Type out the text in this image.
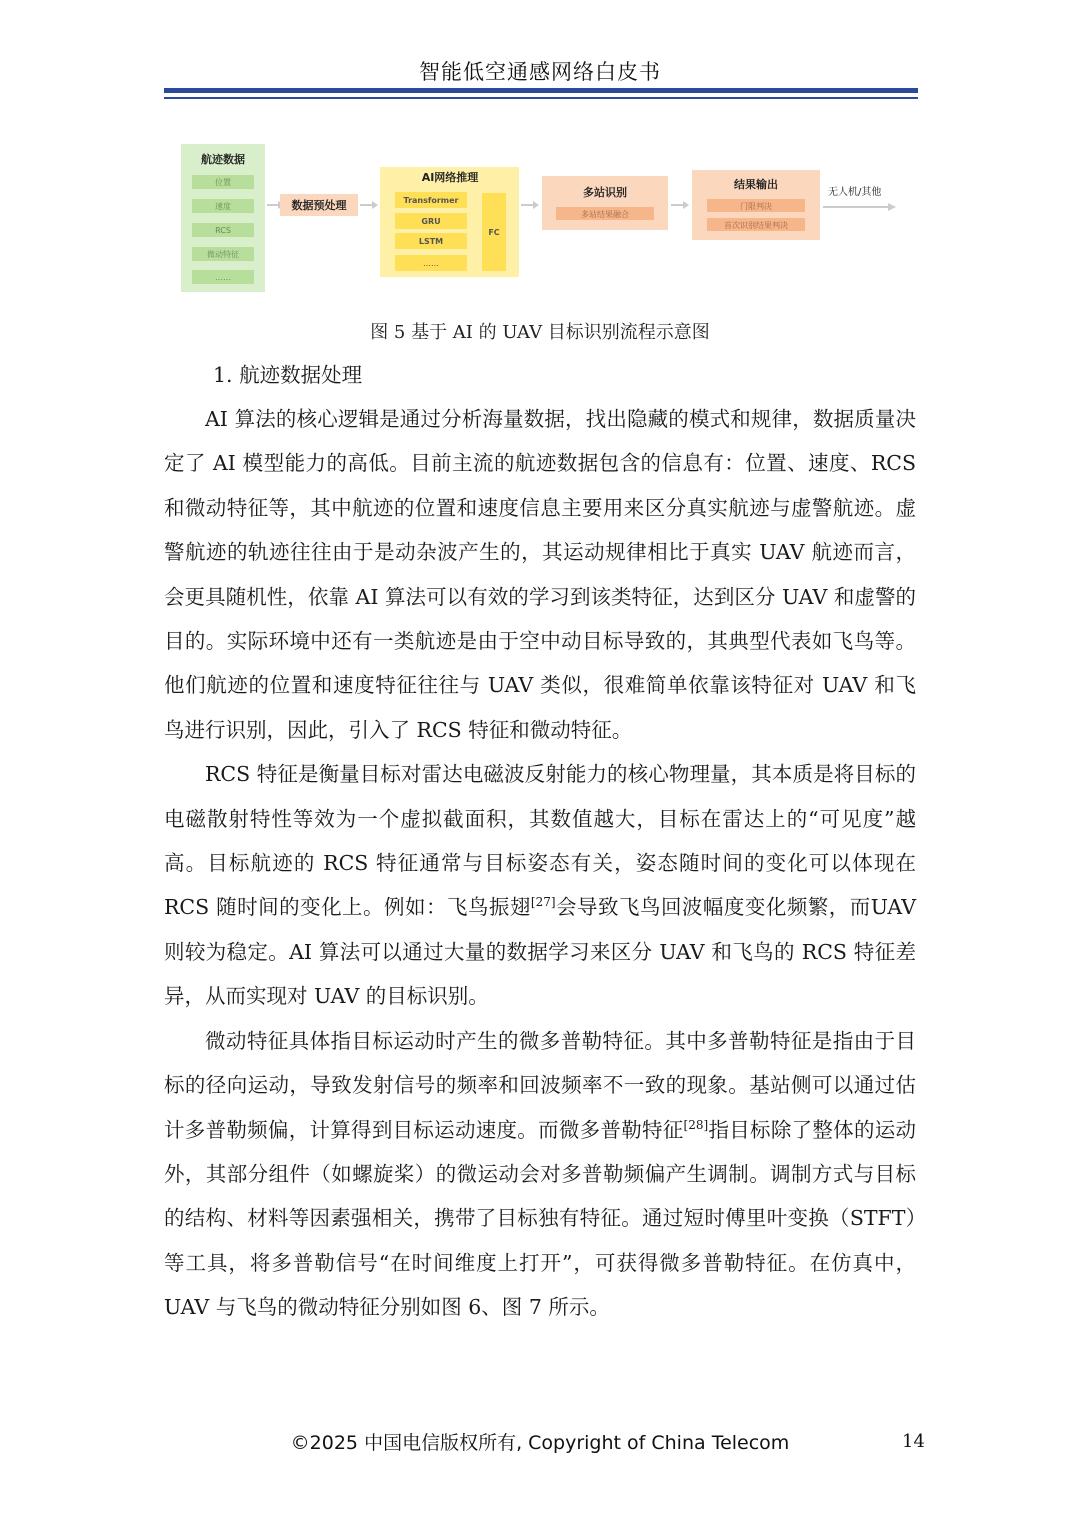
智能低空通感网络白皮书
航迹数据
位置
速度
RCS
微动特征
……
数据预处理
AI网络推理
Transformer
GRU
LSTM
……
FC
多站识别
多站结果融合
结果输出
门限判决
首次识别结果判决
无人机/其他
图 5 基于 AI 的 UAV 目标识别流程示意图
1. 航迹数据处理

AI 算法的核心逻辑是通过分析海量数据，找出隐藏的模式和规律，数据质量决定了 AI 模型能力的高低。目前主流的航迹数据包含的信息有：位置、速度、RCS 和微动特征等，其中航迹的位置和速度信息主要用来区分真实航迹与虚警航迹。虚警航迹的轨迹往往由于是动杂波产生的，其运动规律相比于真实 UAV 航迹而言，会更具随机性，依靠 AI 算法可以有效的学习到该类特征，达到区分 UAV 和虚警的目的。实际环境中还有一类航迹是由于空中动目标导致的，其典型代表如飞鸟等。他们航迹的位置和速度特征往往与 UAV 类似，很难简单依靠该特征对 UAV 和飞鸟进行识别，因此，引入了 RCS 特征和微动特征。

RCS 特征是衡量目标对雷达电磁波反射能力的核心物理量，其本质是将目标的电磁散射特性等效为一个虚拟截面积，其数值越大，目标在雷达上的“可见度”越高。目标航迹的 RCS 特征通常与目标姿态有关，姿态随时间的变化可以体现在 RCS 随时间的变化上。例如：飞鸟振翅[27]会导致飞鸟回波幅度变化频繁，而UAV 则较为稳定。AI 算法可以通过大量的数据学习来区分 UAV 和飞鸟的 RCS 特征差异，从而实现对 UAV 的目标识别。

微动特征具体指目标运动时产生的微多普勒特征。其中多普勒特征是指由于目标的径向运动，导致发射信号的频率和回波频率不一致的现象。基站侧可以通过估计多普勒频偏，计算得到目标运动速度。而微多普勒特征[28]指目标除了整体的运动外，其部分组件（如螺旋桨）的微运动会对多普勒频偏产生调制。调制方式与目标的结构、材料等因素强相关，携带了目标独有特征。通过短时傅里叶变换（STFT）等工具，将多普勒信号“在时间维度上打开”，可获得微多普勒特征。在仿真中，UAV 与飞鸟的微动特征分别如图 6、图 7 所示。

©2025 中国电信版权所有, Copyright of China Telecom	14
